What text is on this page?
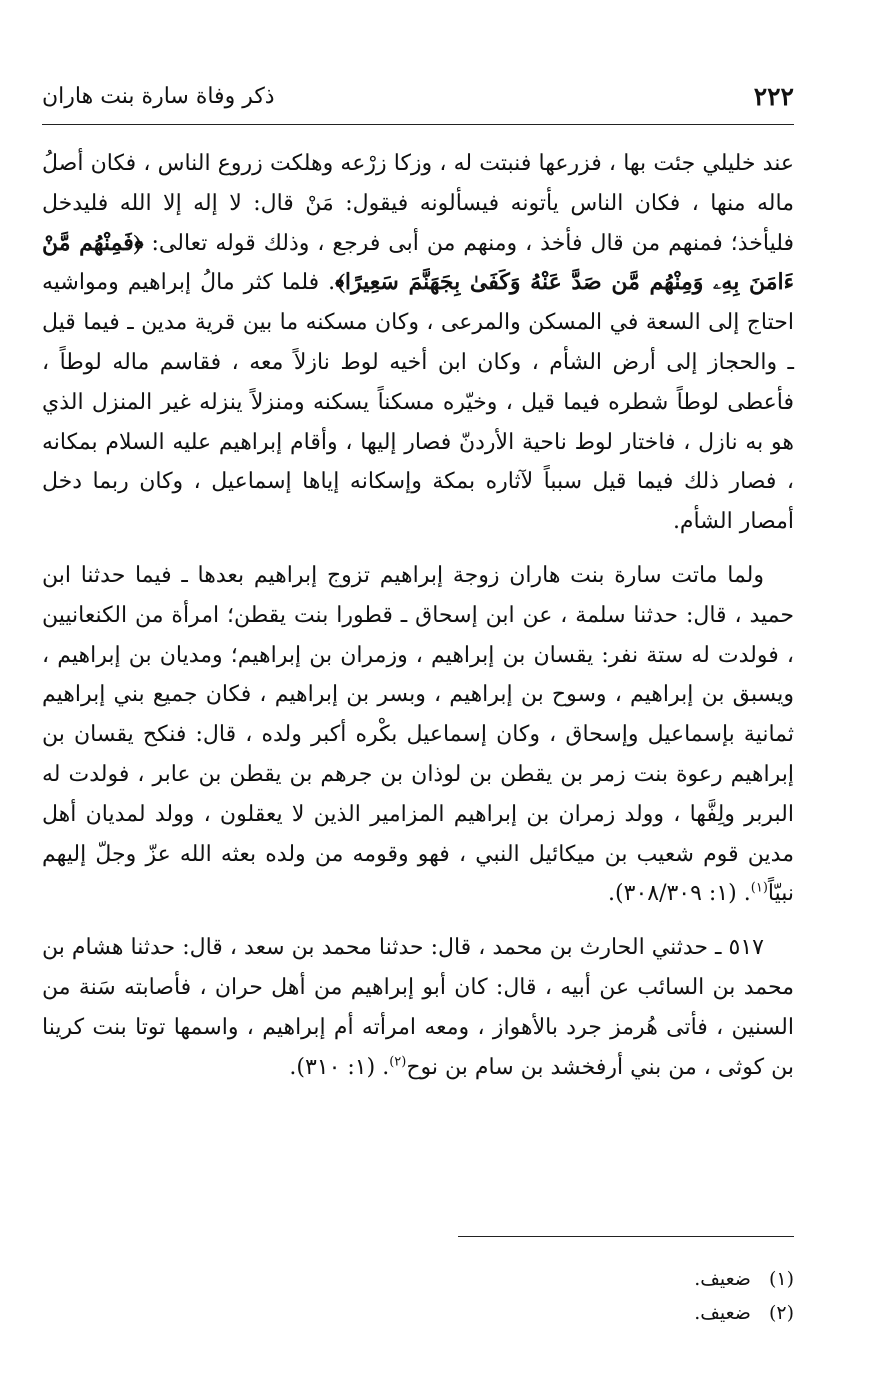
٢٢٢
ذكر وفاة سارة بنت هاران

عند خليلي جئت بها ، فزرعها فنبتت له ، وزكا زرْعه وهلكت زروع الناس ، فكان أصلُ ماله منها ، فكان الناس يأتونه فيسألونه فيقول: مَنْ قال: لا إله إلا الله فليدخل فليأخذ؛ فمنهم من قال فأخذ ، ومنهم من أبى فرجع ، وذلك قوله تعالى: ﴿فَمِنْهُم مَّنْ ءَامَنَ بِهِۦ وَمِنْهُم مَّن صَدَّ عَنْهُ وَكَفَىٰ بِجَهَنَّمَ سَعِيرًا﴾. فلما كثر مالُ إبراهيم ومواشيه احتاج إلى السعة في المسكن والمرعى ، وكان مسكنه ما بين قرية مدين ـ فيما قيل ـ والحجاز إلى أرض الشأم ، وكان ابن أخيه لوط نازلاً معه ، فقاسم ماله لوطاً ، فأعطى لوطاً شطره فيما قيل ، وخيّره مسكناً يسكنه ومنزلاً ينزله غير المنزل الذي هو به نازل ، فاختار لوط ناحية الأردنّ فصار إليها ، وأقام إبراهيم عليه السلام بمكانه ، فصار ذلك فيما قيل سبباً لآثاره بمكة وإسكانه إياها إسماعيل ، وكان ربما دخل أمصار الشأم.

ولما ماتت سارة بنت هاران زوجة إبراهيم تزوج إبراهيم بعدها ـ فيما حدثنا ابن حميد ، قال: حدثنا سلمة ، عن ابن إسحاق ـ قطورا بنت يقطن؛ امرأة من الكنعانيين ، فولدت له ستة نفر: يقسان بن إبراهيم ، وزمران بن إبراهيم؛ ومديان بن إبراهيم ، ويسبق بن إبراهيم ، وسوح بن إبراهيم ، وبسر بن إبراهيم ، فكان جميع بني إبراهيم ثمانية بإسماعيل وإسحاق ، وكان إسماعيل بكْره أكبر ولده ، قال: فنكح يقسان بن إبراهيم رعوة بنت زمر بن يقطن بن لوذان بن جرهم بن يقطن بن عابر ، فولدت له البربر ولِفَّها ، وولد زمران بن إبراهيم المزامير الذين لا يعقلون ، وولد لمديان أهل مدين قوم شعيب بن ميكائيل النبي ، فهو وقومه من ولده بعثه الله عزّ وجلّ إليهم نبيّاً$^{(١)}$. (١: ٣٠٨/٣٠٩).

٥١٧ ـ حدثني الحارث بن محمد ، قال: حدثنا محمد بن سعد ، قال: حدثنا هشام بن محمد بن السائب عن أبيه ، قال: كان أبو إبراهيم من أهل حران ، فأصابته سَنة من السنين ، فأتى هُرمز جرد بالأهواز ، ومعه امرأته أم إبراهيم ، واسمها توتا بنت كرينا بن كوثى ، من بني أرفخشد بن سام بن نوح$^{(٢)}$. (١: ٣١٠).

(١)ضعيف.

(٢)ضعيف.
